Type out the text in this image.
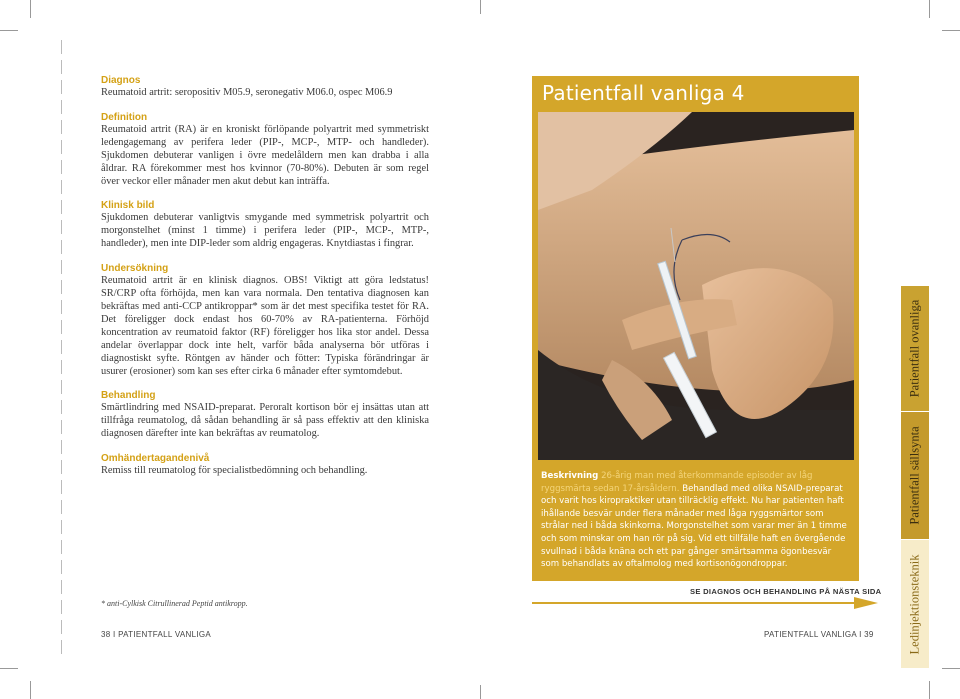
Diagnos

Reumatoid artrit: seropositiv M05.9, seronegativ M06.0, ospec M06.9

Definition

Reumatoid artrit (RA) är en kroniskt förlöpande polyartrit med symmetriskt ledengagemang av perifera leder (PIP-, MCP-, MTP- och handleder). Sjukdomen debuterar vanligen i övre medelåldern men kan drabba i alla åldrar. RA förekommer mest hos kvinnor (70-80%). Debuten är som regel över veckor eller månader men akut debut kan inträffa.

Klinisk bild

Sjukdomen debuterar vanligtvis smygande med symmetrisk polyartrit och morgonstelhet (minst 1 timme) i perifera leder (PIP-, MCP-, MTP-, handleder), men inte DIP-leder som aldrig engageras. Knytdiastas i fingrar.

Undersökning

Reumatoid artrit är en klinisk diagnos. OBS! Viktigt att göra ledstatus! SR/CRP ofta förhöjda, men kan vara normala. Den tentativa diagnosen kan bekräftas med anti-CCP antikroppar* som är det mest specifika testet för RA. Det föreligger dock endast hos 60-70% av RA-patienterna. Förhöjd koncentration av reumatoid faktor (RF) föreligger hos lika stor andel. Dessa andelar överlappar dock inte helt, varför båda analyserna bör utföras i diagnostiskt syfte. Röntgen av händer och fötter: Typiska förändringar är usurer (erosioner) som kan ses efter cirka 6 månader efter symtomdebut.

Behandling

Smärtlindring med NSAID-preparat. Peroralt kortison bör ej insättas utan att tillfråga reumatolog, då sådan behandling är så pass effektiv att den kliniska diagnosen därefter inte kan bekräftas av reumatolog.

Omhändertagandenivå

Remiss till reumatolog för specialistbedömning och behandling.

* anti-Cylkisk Citrullinerad Peptid antikropp.
38 I PATIENTFALL VANLIGA
Patientfall vanliga 4
Beskrivning 26-årig man med återkommande episoder av låg ryggsmärta sedan 17-årsåldern. Behandlad med olika NSAID-preparat och varit hos kiropraktiker utan tillräcklig effekt. Nu har patienten haft ihållande besvär under flera månader med låga ryggsmärtor som strålar ned i båda skinkorna. Morgonstelhet som varar mer än 1 timme och som minskar om han rör på sig. Vid ett tillfälle haft en övergående svullnad i båda knäna och ett par gånger smärtsamma ögonbesvär som behandlats av oftalmolog med kortisonögondroppar.
SE DIAGNOS OCH BEHANDLING PÅ NÄSTA SIDA
PATIENTFALL VANLIGA I 39
Patientfall ovanliga
Patientfall sällsynta
Ledinjektionsteknik
